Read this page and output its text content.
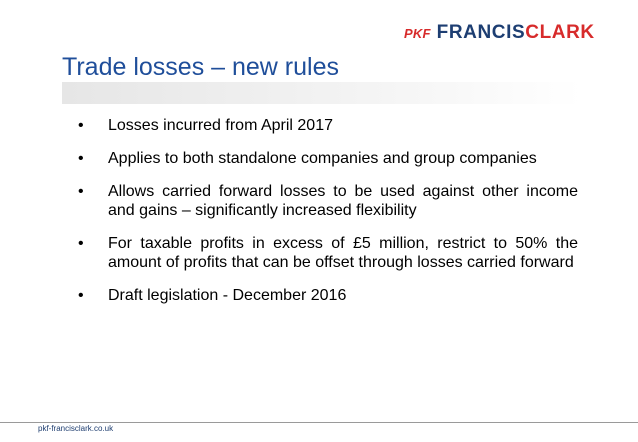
PKF FRANCISCLARK
Trade losses – new rules
• Losses incurred from April 2017
• Applies to both standalone companies and group companies
• Allows carried forward losses to be used against other income and gains – significantly increased flexibility
• For taxable profits in excess of £5 million, restrict to 50% the amount of profits that can be offset through losses carried forward
• Draft legislation - December 2016
pkf-francisclark.co.uk
